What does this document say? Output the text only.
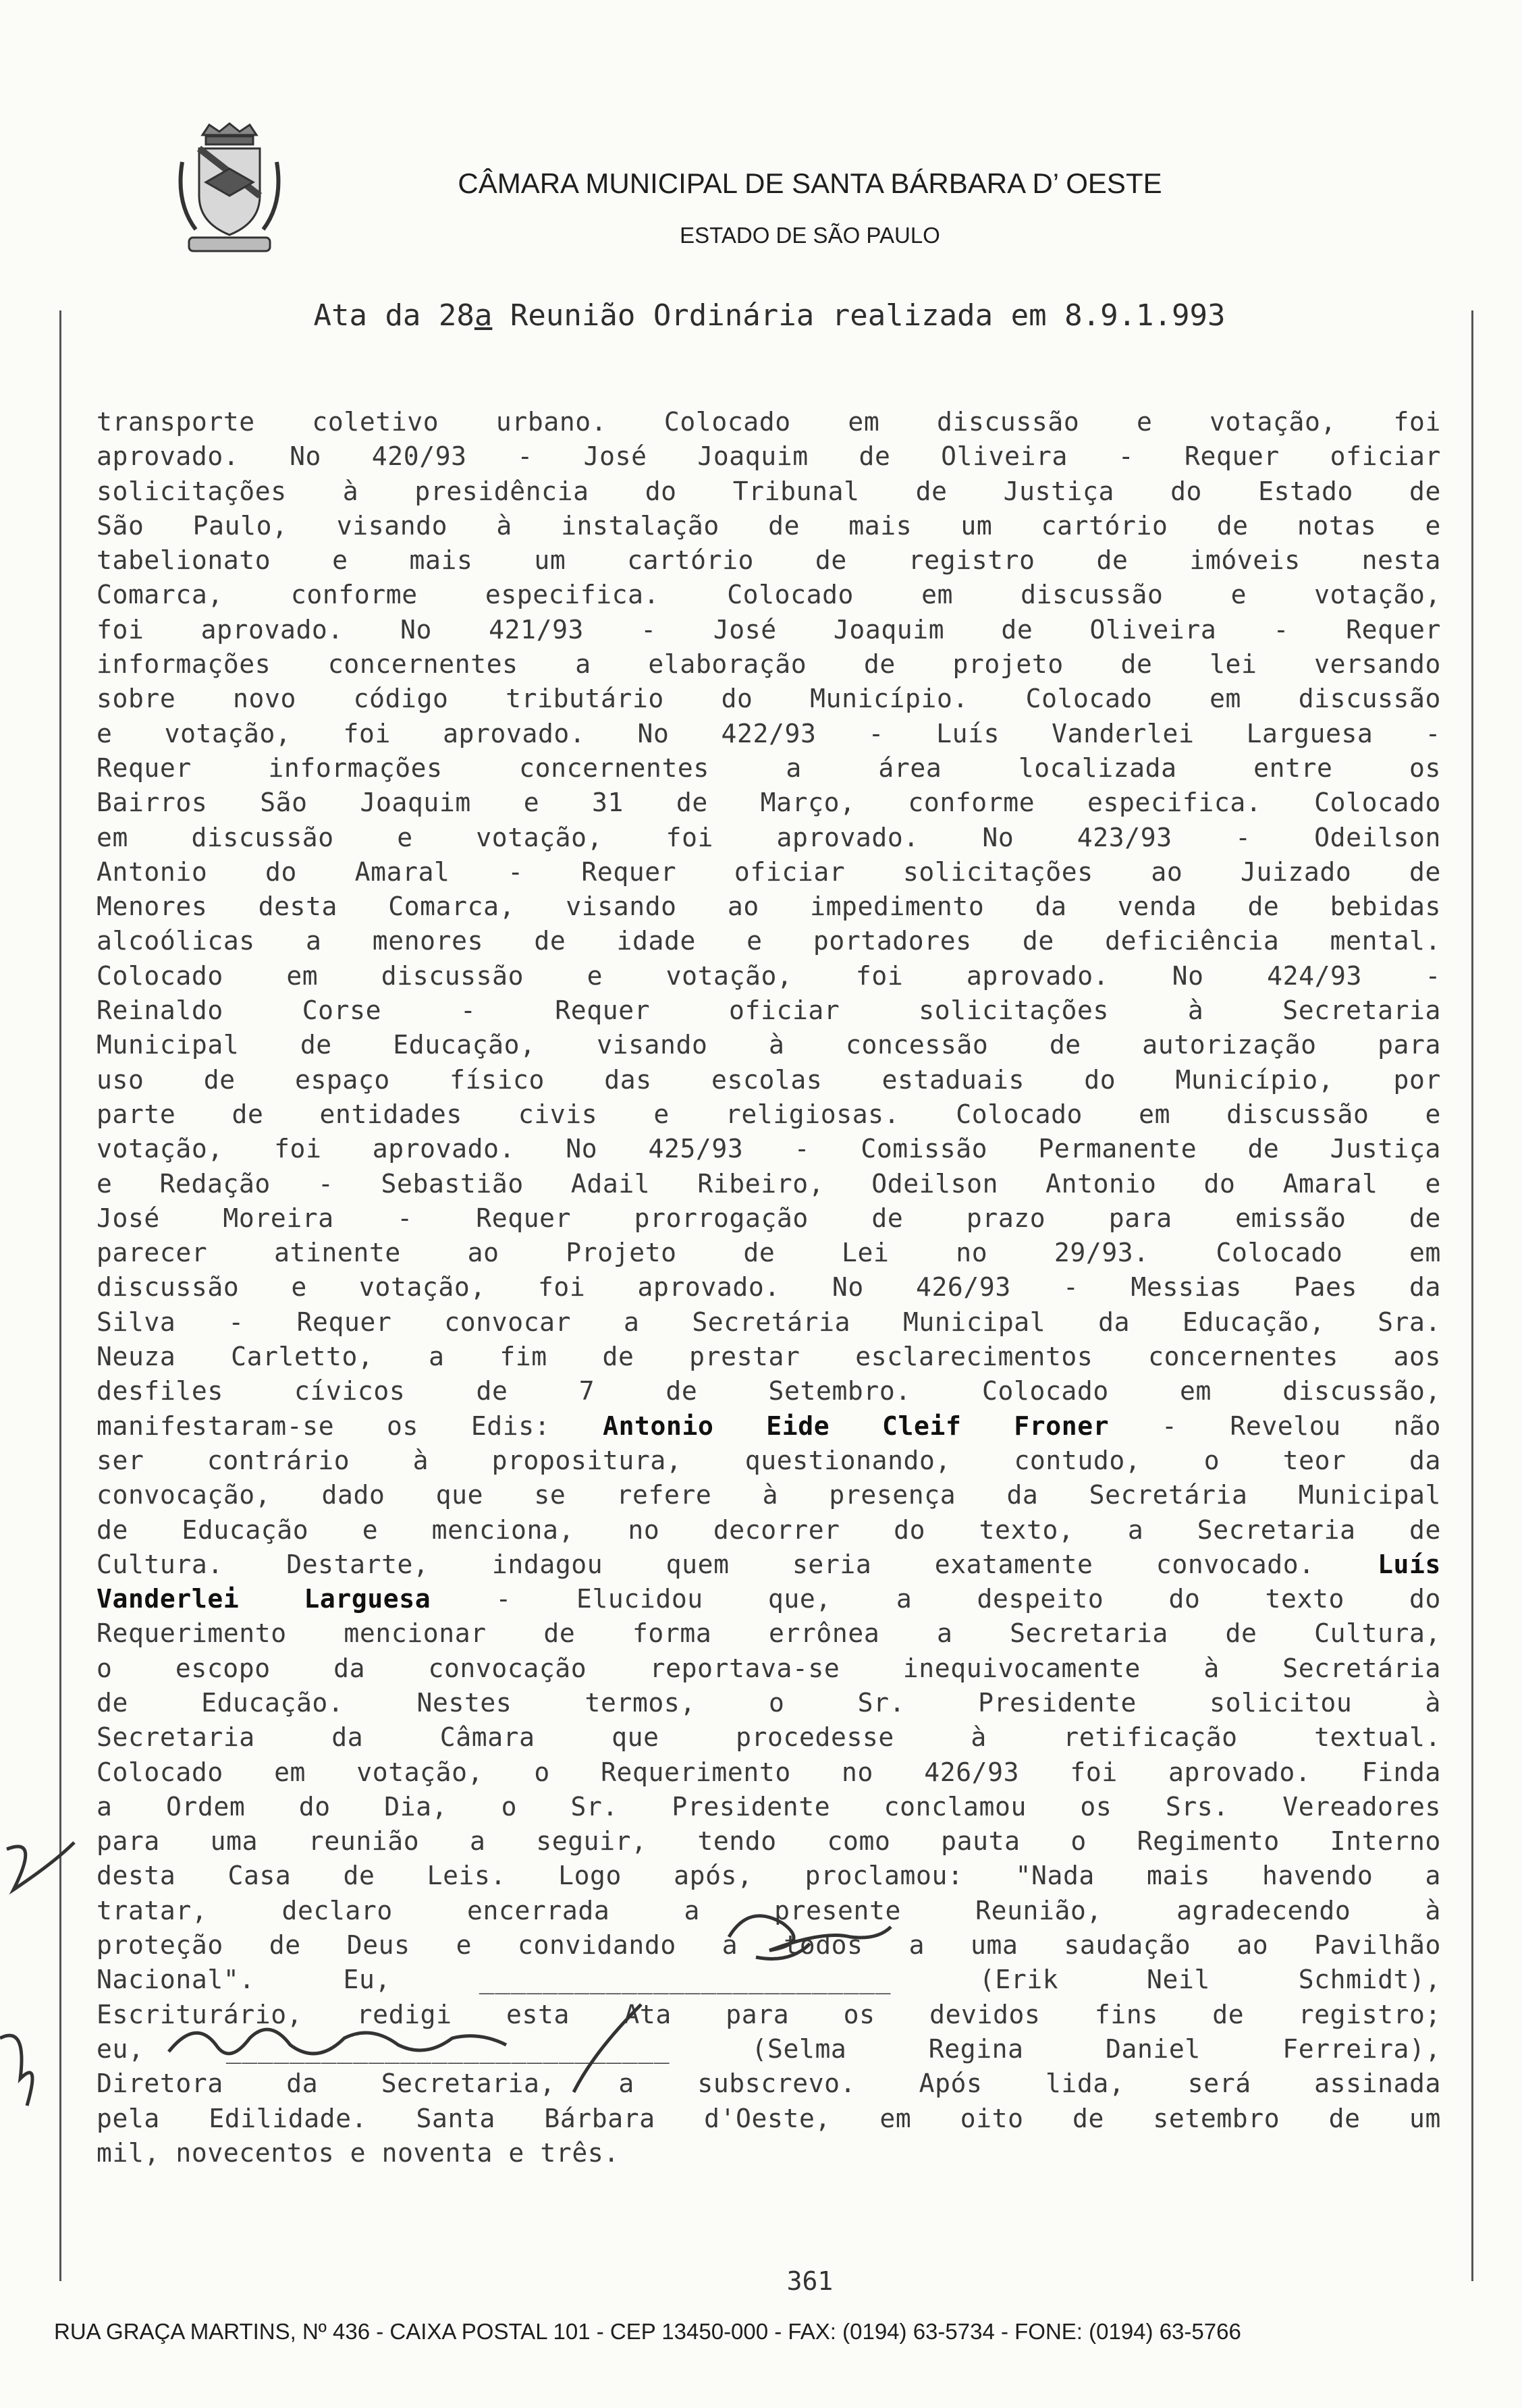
CÂMARA MUNICIPAL DE SANTA BÁRBARA D’ OESTE
ESTADO DE SÃO PAULO
Ata da 28a Reunião Ordinária realizada em 8.9.1.993
transporte coletivo urbano. Colocado em discussão e votação, foi
aprovado. No 420/93 - José Joaquim de Oliveira - Requer oficiar
solicitações à presidência do Tribunal de Justiça do Estado de
São Paulo, visando à instalação de mais um cartório de notas e
tabelionato e mais um cartório de registro de imóveis nesta
Comarca, conforme especifica. Colocado em discussão e votação,
foi aprovado. No 421/93 - José Joaquim de Oliveira - Requer
informações concernentes a elaboração de projeto de lei versando
sobre novo código tributário do Município. Colocado em discussão
e votação, foi aprovado. No 422/93 - Luís Vanderlei Larguesa -
Requer informações concernentes a área localizada entre os
Bairros São Joaquim e 31 de Março, conforme especifica. Colocado
em discussão e votação, foi aprovado. No 423/93 - Odeilson
Antonio do Amaral - Requer oficiar solicitações ao Juizado de
Menores desta Comarca, visando ao impedimento da venda de bebidas
alcoólicas a menores de idade e portadores de deficiência mental.
Colocado em discussão e votação, foi aprovado. No 424/93 -
Reinaldo Corse - Requer oficiar solicitações à Secretaria
Municipal de Educação, visando à concessão de autorização para
uso de espaço físico das escolas estaduais do Município, por
parte de entidades civis e religiosas. Colocado em discussão e
votação, foi aprovado. No 425/93 - Comissão Permanente de Justiça
e Redação - Sebastião Adail Ribeiro, Odeilson Antonio do Amaral e
José Moreira - Requer prorrogação de prazo para emissão de
parecer atinente ao Projeto de Lei no 29/93. Colocado em
discussão e votação, foi aprovado. No 426/93 - Messias Paes da
Silva - Requer convocar a Secretária Municipal da Educação, Sra.
Neuza Carletto, a fim de prestar esclarecimentos concernentes aos
desfiles cívicos de 7 de Setembro. Colocado em discussão,
manifestaram-se os Edis: Antonio Eide Cleif Froner - Revelou não
ser contrário à propositura, questionando, contudo, o teor da
convocação, dado que se refere à presença da Secretária Municipal
de Educação e menciona, no decorrer do texto, a Secretaria de
Cultura. Destarte, indagou quem seria exatamente convocado. Luís
Vanderlei Larguesa - Elucidou que, a despeito do texto do
Requerimento mencionar de forma errônea a Secretaria de Cultura,
o escopo da convocação reportava-se inequivocamente à Secretária
de Educação. Nestes termos, o Sr. Presidente solicitou à
Secretaria da Câmara que procedesse à retificação textual.
Colocado em votação, o Requerimento no 426/93 foi aprovado. Finda
a Ordem do Dia, o Sr. Presidente conclamou os Srs. Vereadores
para uma reunião a seguir, tendo como pauta o Regimento Interno
desta Casa de Leis. Logo após, proclamou: "Nada mais havendo a
tratar, declaro encerrada a presente Reunião, agradecendo à
proteção de Deus e convidando a todos a uma saudação ao Pavilhão
Nacional". Eu, __________________________ (Erik Neil Schmidt),
Escriturário, redigi esta Ata para os devidos fins de registro;
eu, ____________________________ (Selma Regina Daniel Ferreira),
Diretora da Secretaria, a subscrevo. Após lida, será assinada
pela Edilidade. Santa Bárbara d'Oeste, em oito de setembro de um
mil, novecentos e noventa e três.
361
RUA GRAÇA MARTINS, Nº 436 - CAIXA POSTAL 101 - CEP 13450-000 - FAX: (0194) 63-5734 - FONE: (0194) 63-5766
